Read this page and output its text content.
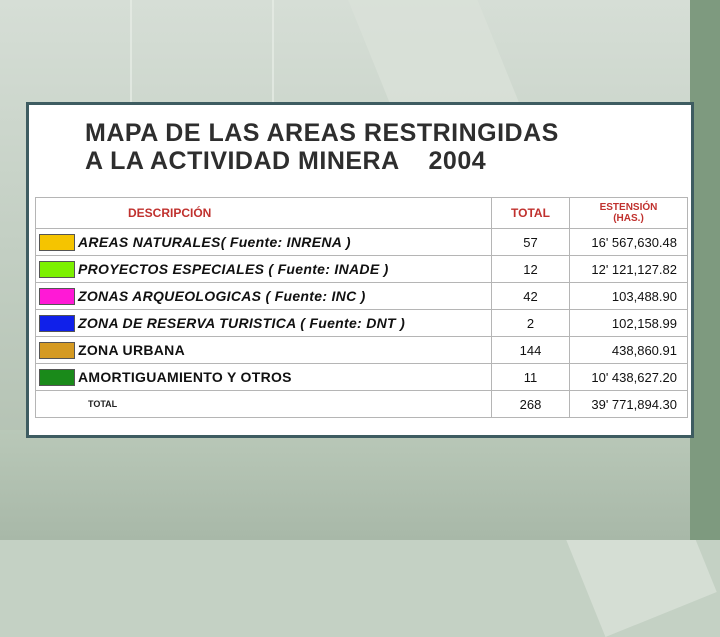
MAPA DE LAS AREAS RESTRINGIDAS
A LA ACTIVIDAD MINERA    2004
DESCRIPCIÓN	TOTAL	ESTENSIÓN
(HAS.)

AREAS NATURALES( Fuente: INRENA )	57	16' 567,630.48

PROYECTOS ESPECIALES ( Fuente: INADE )	12	12' 121,127.82

ZONAS ARQUEOLOGICAS ( Fuente: INC )	42	103,488.90

ZONA DE RESERVA TURISTICA ( Fuente: DNT )	2	102,158.99

ZONA URBANA	144	438,860.91

AMORTIGUAMIENTO Y OTROS	11	10' 438,627.20
TOTAL	268	39' 771,894.30
